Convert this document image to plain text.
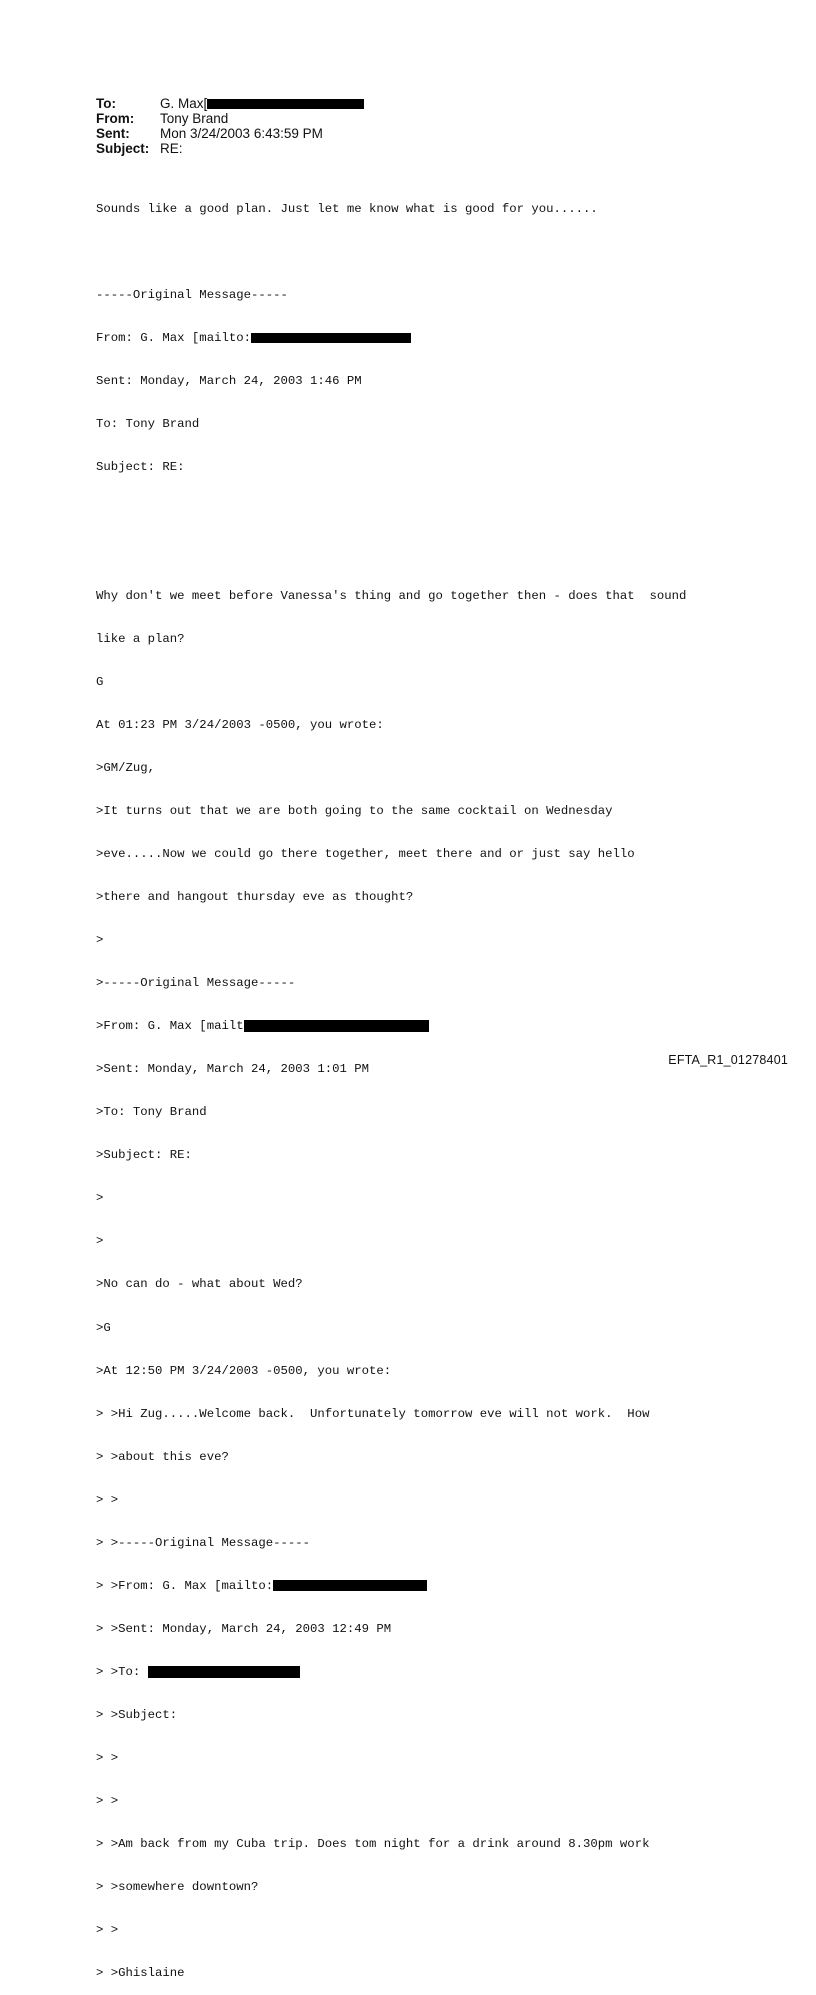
To:	G. Max[
From: Tony Brand
Sent: Mon 3/24/2003 6:43:59 PM
Subject: RE:

Sounds like a good plan. Just let me know what is good for you......

-----Original Message-----

From: G. Max [mailto:

Sent: Monday, March 24, 2003 1:46 PM

To: Tony Brand

Subject: RE:

Why don't we meet before Vanessa's thing and go together then - does that  sound

like a plan?

G

At 01:23 PM 3/24/2003 -0500, you wrote:

>GM/Zug,

>It turns out that we are both going to the same cocktail on Wednesday

>eve.....Now we could go there together, meet there and or just say hello

>there and hangout thursday eve as thought?

>

>-----Original Message-----

>From: G. Max [mailt

>Sent: Monday, March 24, 2003 1:01 PM

>To: Tony Brand

>Subject: RE:

>

>

>No can do - what about Wed?

>G

>At 12:50 PM 3/24/2003 -0500, you wrote:

> >Hi Zug.....Welcome back.  Unfortunately tomorrow eve will not work.  How

> >about this eve?

> >

> >-----Original Message-----

> >From: G. Max [mailto:

> >Sent: Monday, March 24, 2003 12:49 PM

> >To:

> >Subject:

> >

> >

> >Am back from my Cuba trip. Does tom night for a drink around 8.30pm work

> >somewhere downtown?

> >

> >Ghislaine

EFTA_R1_01278401
